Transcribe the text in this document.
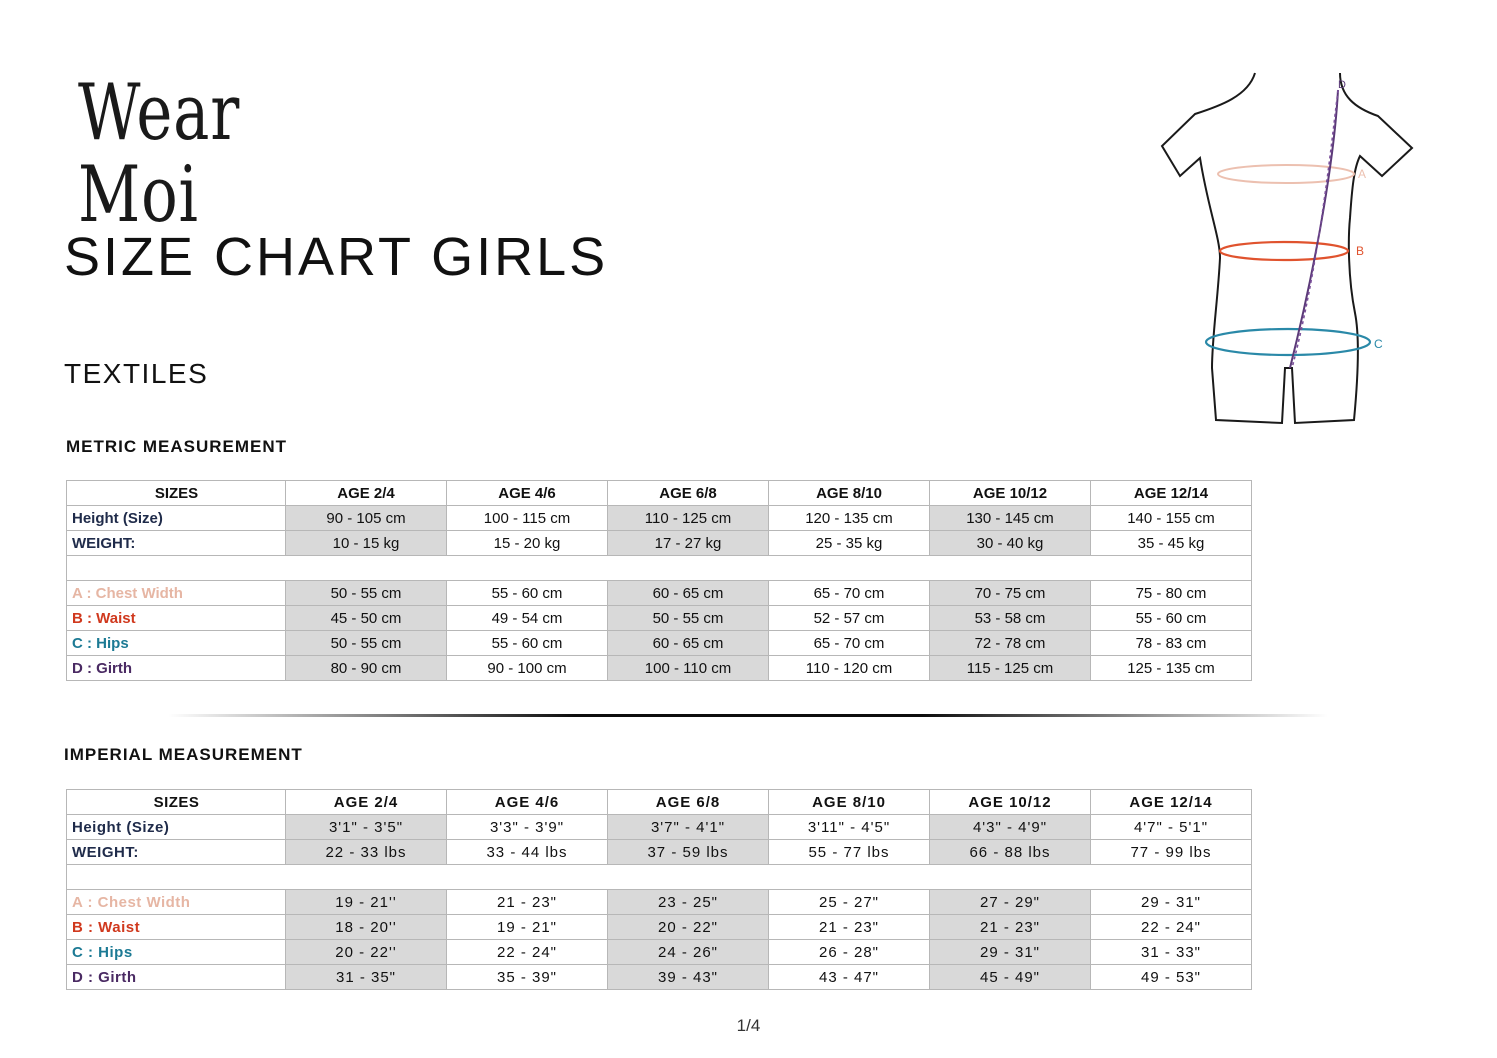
Wear Moi
SIZE CHART GIRLS
TEXTILES
A
B
C
D
METRIC MEASUREMENT
SIZES	AGE 2/4	AGE 4/6	AGE 6/8	AGE 8/10	AGE 10/12	AGE 12/14
Height (Size)	90 - 105 cm	100 - 115 cm	110 - 125 cm	120 - 135 cm	130 - 145 cm	140 - 155 cm
WEIGHT:	10 - 15 kg	15 - 20 kg	17 - 27 kg	25 - 35 kg	30 - 40 kg	35 - 45 kg

A : Chest Width	50 - 55 cm	55 - 60 cm	60 - 65 cm	65 - 70 cm	70 - 75 cm	75 - 80 cm
B : Waist	45 - 50 cm	49 - 54 cm	50 - 55 cm	52 - 57 cm	53 - 58 cm	55 - 60 cm
C : Hips	50 - 55 cm	55 - 60 cm	60 - 65 cm	65 - 70 cm	72 - 78 cm	78 - 83 cm
D : Girth	80 - 90 cm	90 - 100 cm	100 - 110 cm	110 - 120 cm	115 - 125 cm	125 - 135 cm
IMPERIAL MEASUREMENT
SIZES	AGE 2/4	AGE 4/6	AGE 6/8	AGE 8/10	AGE 10/12	AGE 12/14
Height (Size)	3'1" - 3'5"	3'3" - 3'9"	3'7" - 4'1"	3'11" - 4'5"	4'3" - 4'9"	4'7" - 5'1"
WEIGHT:	22 - 33 lbs	33 - 44 lbs	37 - 59 lbs	55 - 77 lbs	66 - 88 lbs	77 - 99 lbs

A : Chest Width	19 - 21''	21 - 23"	23 - 25"	25 - 27"	27 - 29"	29 - 31"
B : Waist	18 - 20''	19 - 21"	20 - 22"	21 - 23"	21 - 23"	22 - 24"
C : Hips	20 - 22''	22 - 24"	24 - 26"	26 - 28"	29 - 31"	31 - 33"
D : Girth	31 - 35"	35 - 39"	39 - 43"	43 - 47"	45 - 49"	49 - 53"
1/4
